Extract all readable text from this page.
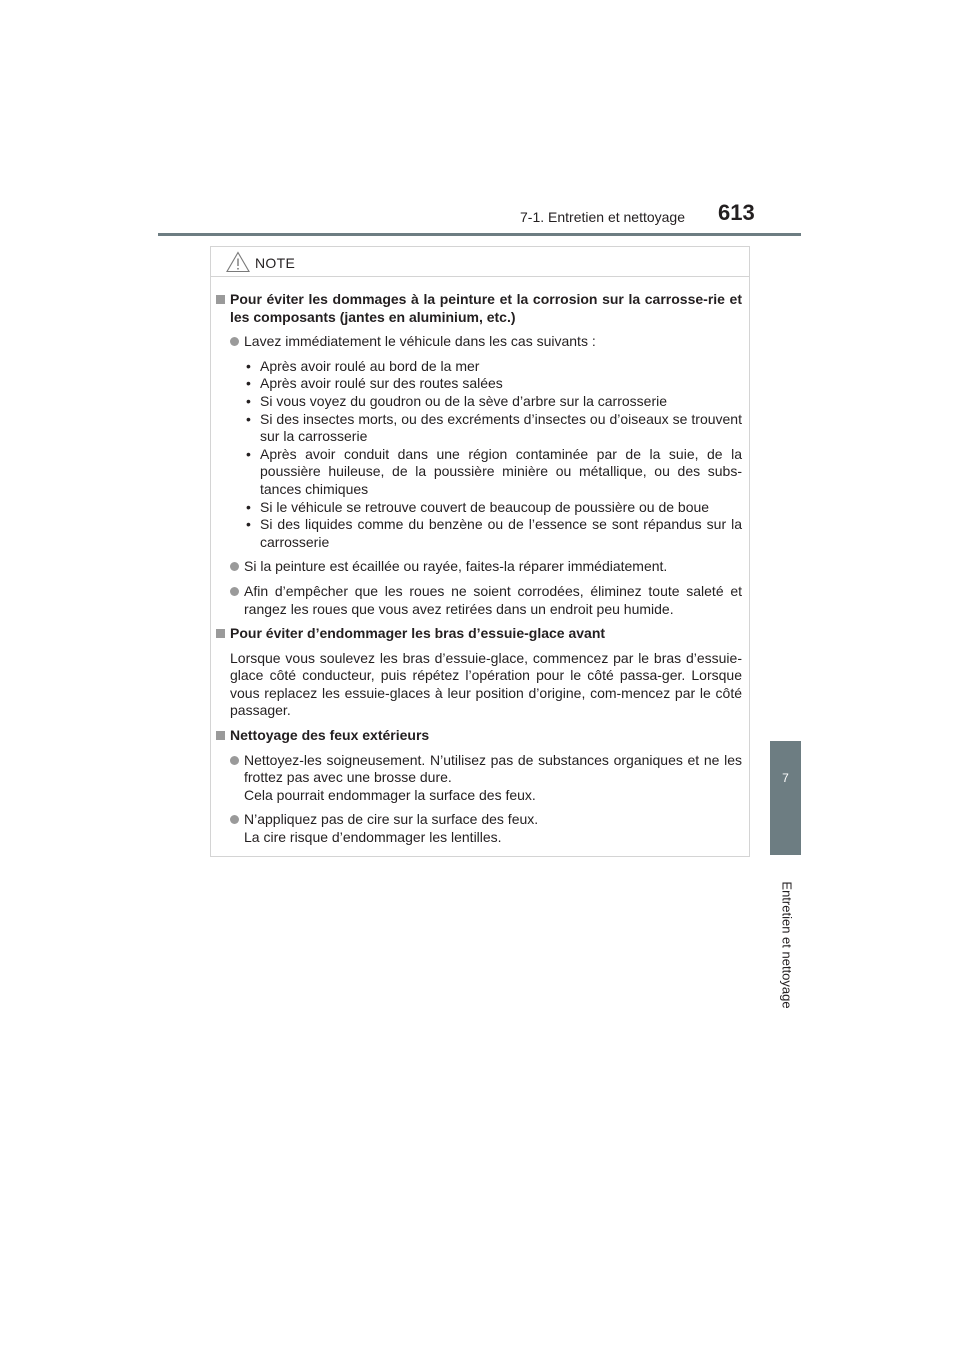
7-1. Entretien et nettoyage 613
7
Entretien et nettoyage
NOTE
Pour éviter les dommages à la peinture et la corrosion sur la carrosse-rie et les composants (jantes en aluminium, etc.)
Lavez immédiatement le véhicule dans les cas suivants :
• Après avoir roulé au bord de la mer
• Après avoir roulé sur des routes salées
• Si vous voyez du goudron ou de la sève d’arbre sur la carrosserie
• Si des insectes morts, ou des excréments d’insectes ou d’oiseaux se trouvent sur la carrosserie
• Après avoir conduit dans une région contaminée par de la suie, de la poussière huileuse, de la poussière minière ou métallique, ou des subs-tances chimiques
• Si le véhicule se retrouve couvert de beaucoup de poussière ou de boue
• Si des liquides comme du benzène ou de l’essence se sont répandus sur la carrosserie
Si la peinture est écaillée ou rayée, faites-la réparer immédiatement.
Afin d’empêcher que les roues ne soient corrodées, éliminez toute saleté et rangez les roues que vous avez retirées dans un endroit peu humide.
Pour éviter d’endommager les bras d’essuie-glace avant
Lorsque vous soulevez les bras d’essuie-glace, commencez par le bras d’essuie-glace côté conducteur, puis répétez l’opération pour le côté passa-ger. Lorsque vous replacez les essuie-glaces à leur position d’origine, com-mencez par le côté passager.
Nettoyage des feux extérieurs
Nettoyez-les soigneusement. N’utilisez pas de substances organiques et ne les frottez pas avec une brosse dure.
Cela pourrait endommager la surface des feux.
N’appliquez pas de cire sur la surface des feux.
La cire risque d’endommager les lentilles.
